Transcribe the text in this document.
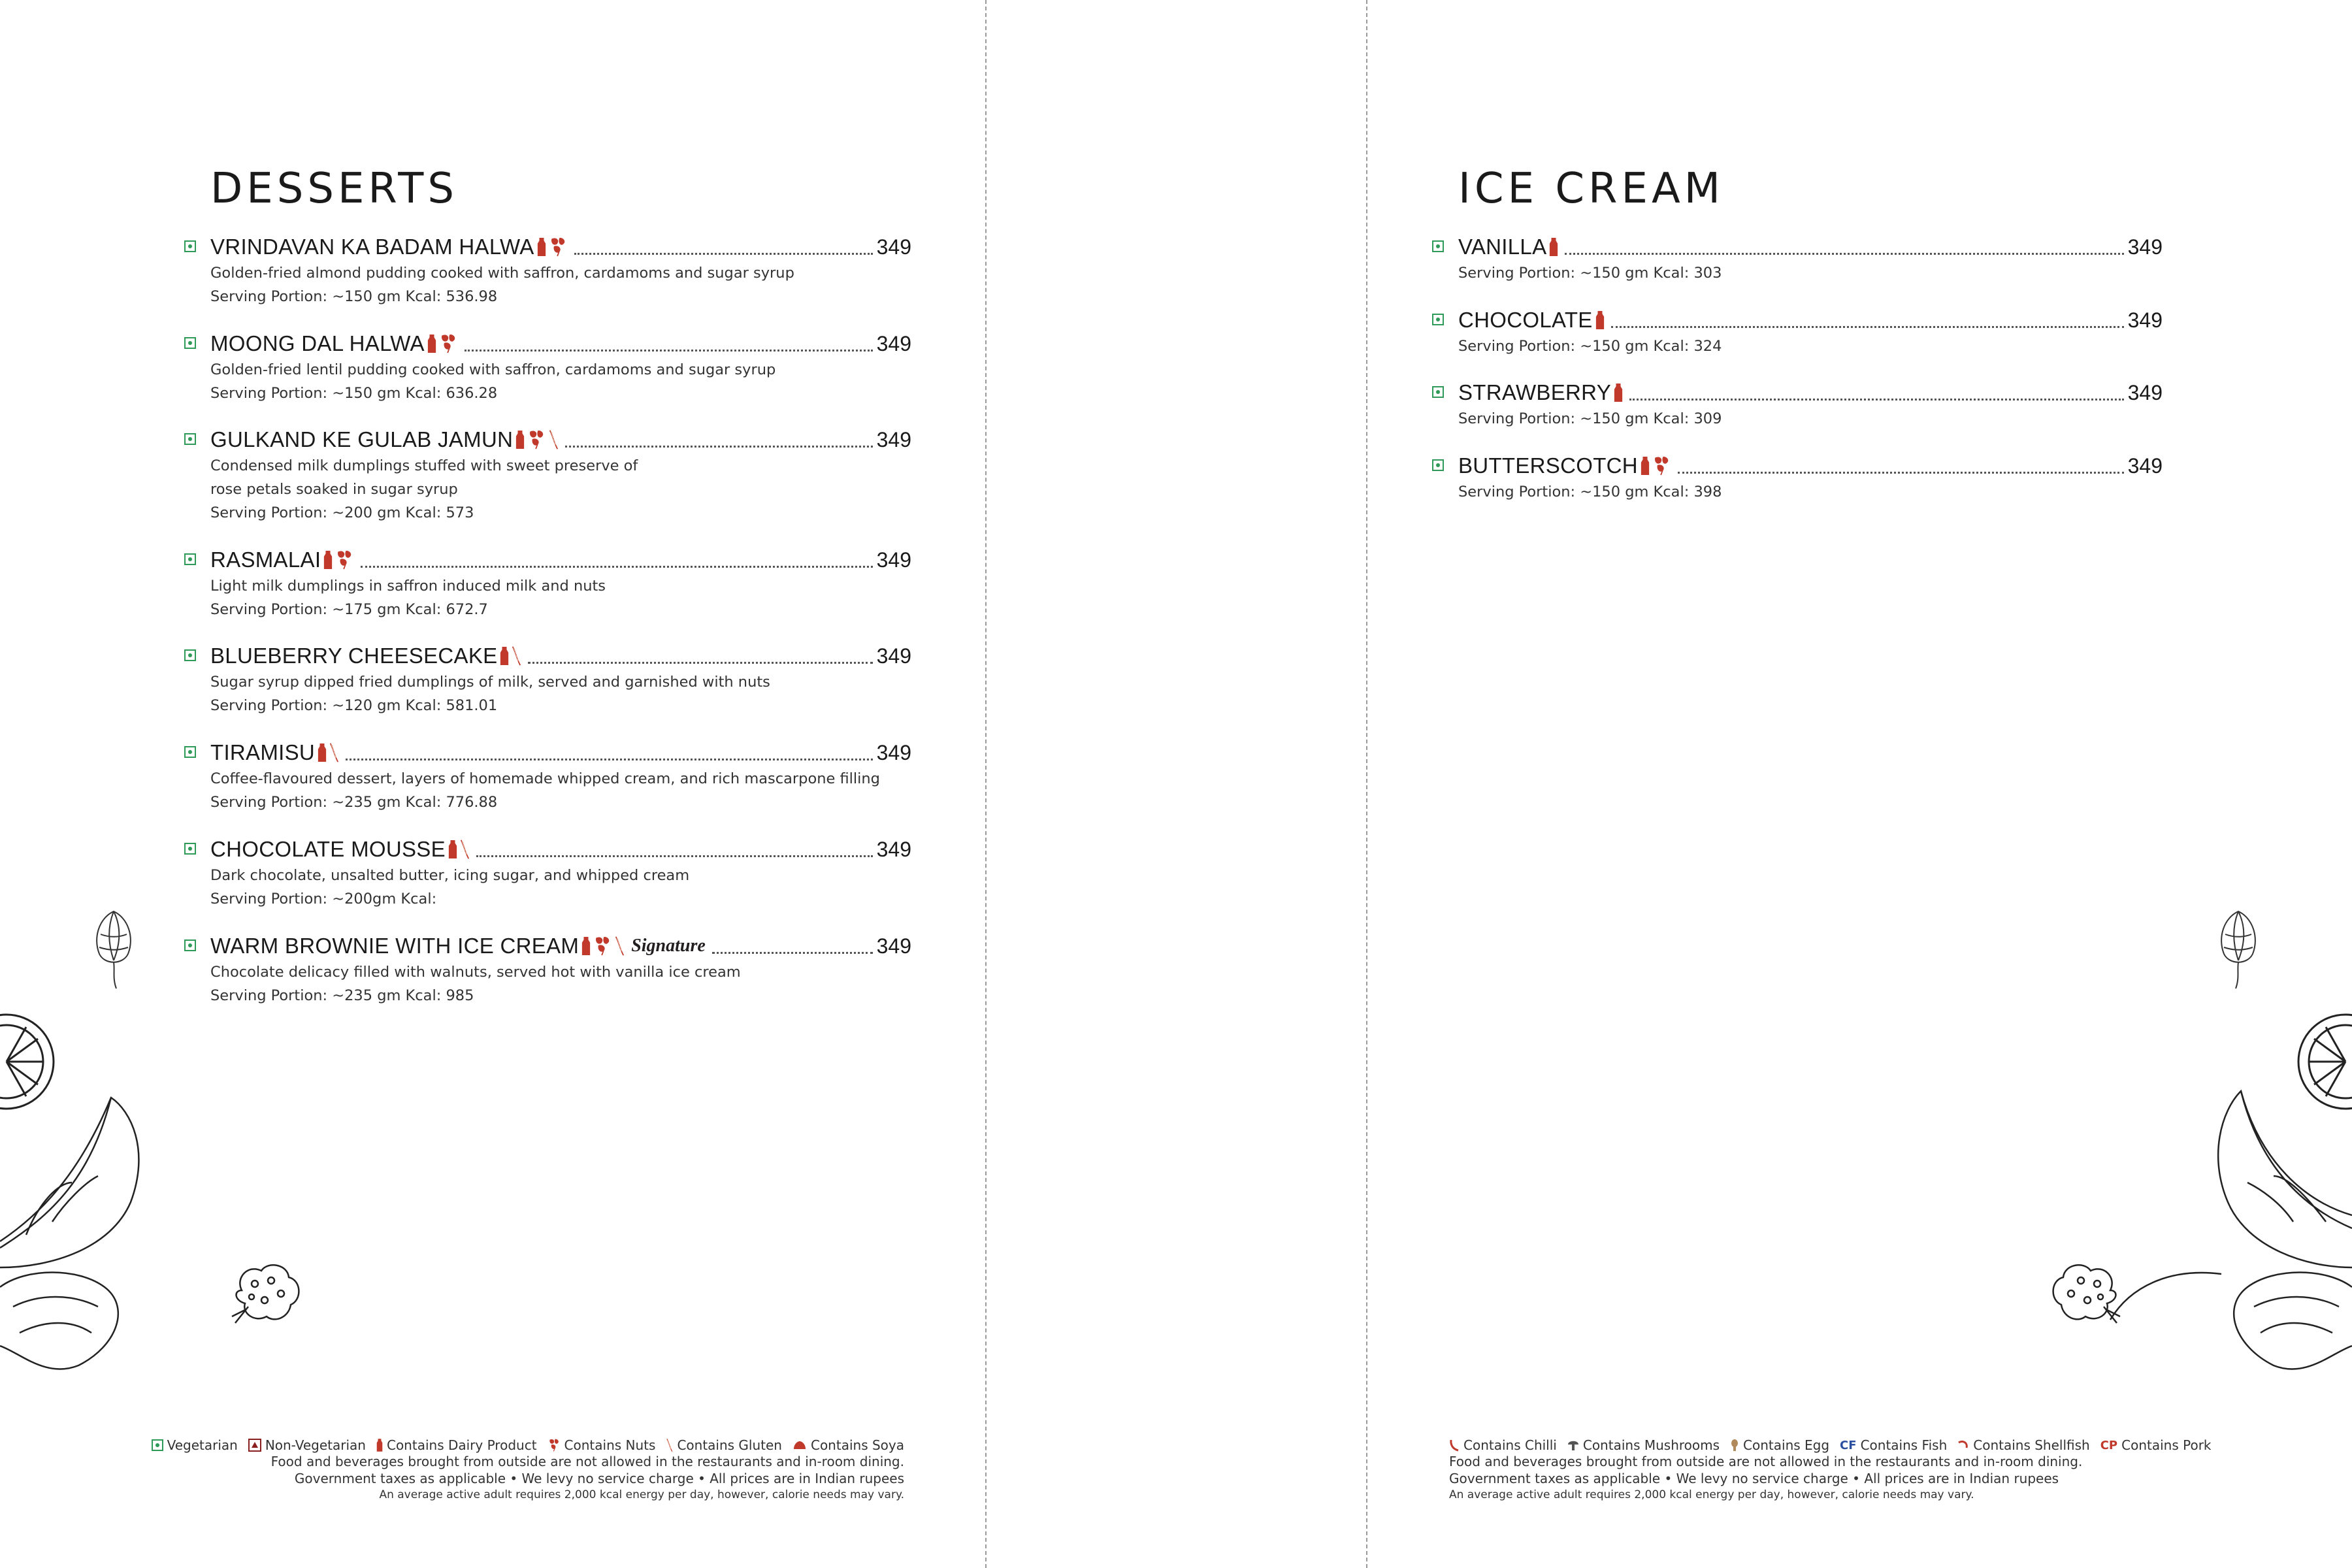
DESSERTS
VRINDAVAN KA BADAM HALWA	349
Golden-fried almond pudding cooked with saffron, cardamoms and sugar syrup
Serving Portion: ~150 gm Kcal: 536.98
MOONG DAL HALWA	349
Golden-fried lentil pudding cooked with saffron, cardamoms and sugar syrup
Serving Portion: ~150 gm Kcal: 636.28
GULKAND KE GULAB JAMUN	349
Condensed milk dumplings stuffed with sweet preserve of
rose petals soaked in sugar syrup
Serving Portion: ~200 gm Kcal: 573
RASMALAI	349
Light milk dumplings in saffron induced milk and nuts
Serving Portion: ~175 gm Kcal: 672.7
BLUEBERRY CHEESECAKE	349
Sugar syrup dipped fried dumplings of milk, served and garnished with nuts
Serving Portion: ~120 gm Kcal: 581.01
TIRAMISU	349
Coffee-flavoured dessert, layers of homemade whipped cream, and rich mascarpone filling
Serving Portion: ~235 gm Kcal: 776.88
CHOCOLATE MOUSSE	349
Dark chocolate, unsalted butter, icing sugar, and whipped cream
Serving Portion: ~200gm Kcal:
WARM BROWNIE WITH ICE CREAM	Signature	349
Chocolate delicacy filled with walnuts, served hot with vanilla ice cream
Serving Portion: ~235 gm Kcal: 985
ICE CREAM
VANILLA	349
Serving Portion: ~150 gm Kcal: 303
CHOCOLATE	349
Serving Portion: ~150 gm Kcal: 324
STRAWBERRY	349
Serving Portion: ~150 gm Kcal: 309
BUTTERSCOTCH	349
Serving Portion: ~150 gm Kcal: 398
Vegetarian Non-Vegetarian Contains Dairy Product Contains Nuts Contains Gluten Contains Soya
Food and beverages brought from outside are not allowed in the restaurants and in-room dining.
Government taxes as applicable • We levy no service charge • All prices are in Indian rupees
An average active adult requires 2,000 kcal energy per day, however, calorie needs may vary.
Contains Chilli Contains Mushrooms Contains Egg CF Contains Fish Contains Shellfish CP Contains Pork
Food and beverages brought from outside are not allowed in the restaurants and in-room dining.
Government taxes as applicable • We levy no service charge • All prices are in Indian rupees
An average active adult requires 2,000 kcal energy per day, however, calorie needs may vary.
